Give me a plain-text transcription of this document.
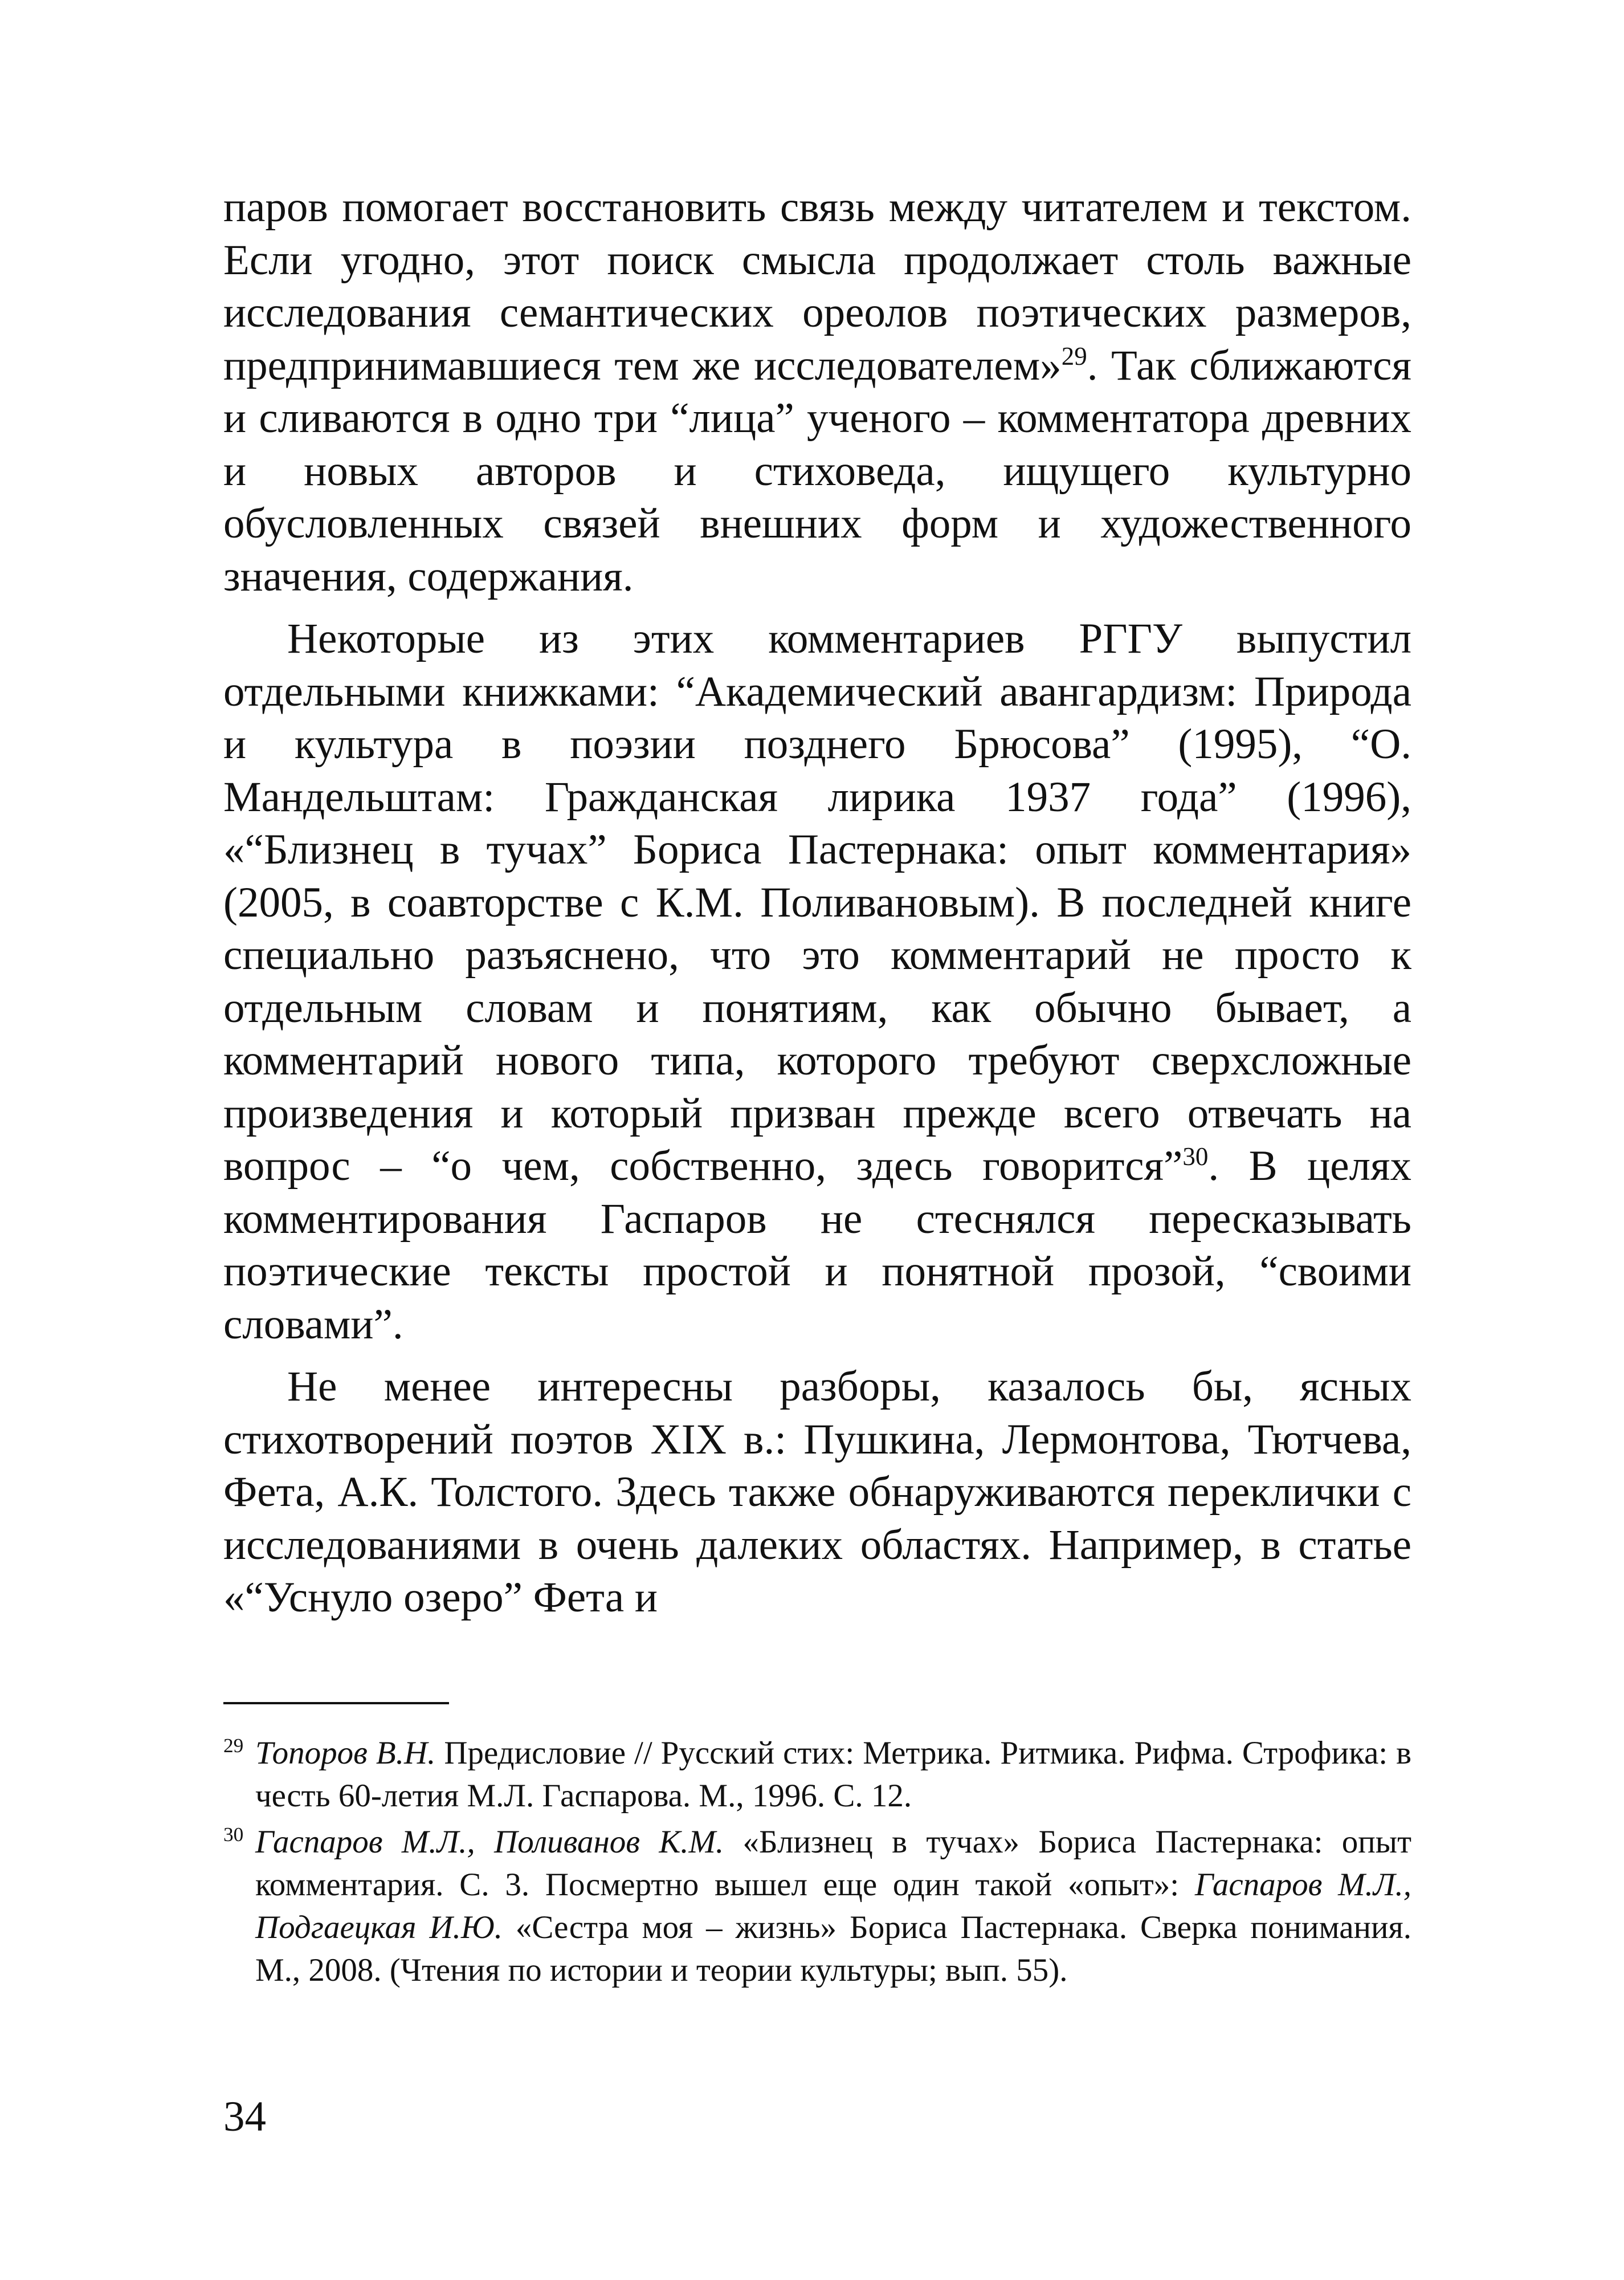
паров помогает восстановить связь между читателем и текстом. Если угодно, этот поиск смысла продолжает столь важные исследования семантических ореолов поэтических размеров, предпринимавшиеся тем же исследователем»$^{29}$. Так сближаются и сливаются в одно три “лица” ученого – комментатора древних и новых авторов и стиховеда, ищущего культурно обусловленных связей внешних форм и художественного значения, содержания.

Некоторые из этих комментариев РГГУ выпустил отдельными книжками: “Академический авангардизм: Природа и культура в поэзии позднего Брюсова” (1995), “О. Мандельштам: Гражданская лирика 1937 года” (1996), «“Близнец в тучах” Бориса Пастернака: опыт комментария» (2005, в соавторстве с К.М. Поливановым). В последней книге специально разъяснено, что это комментарий не просто к отдельным словам и понятиям, как обычно бывает, а комментарий нового типа, которого требуют сверхсложные произведения и который призван прежде всего отвечать на вопрос – “о чем, собственно, здесь говорится”$^{30}$. В целях комментирования Гаспаров не стеснялся пересказывать поэтические тексты простой и понятной прозой, “своими словами”.

Не менее интересны разборы, казалось бы, ясных стихотворений поэтов XIX в.: Пушкина, Лермонтова, Тютчева, Фета, А.К. Толстого. Здесь также обнаруживаются переклички с исследованиями в очень далеких областях. Например, в статье «“Уснуло озеро” Фета и

29 Топоров В.Н. Предисловие // Русский стих: Метрика. Ритмика. Рифма. Строфика: в честь 60-летия М.Л. Гаспарова. М., 1996. С. 12.
30 Гаспаров М.Л., Поливанов К.М. «Близнец в тучах» Бориса Пастернака: опыт комментария. С. 3. Посмертно вышел еще один такой «опыт»: Гаспаров М.Л., Подгаецкая И.Ю. «Сестра моя – жизнь» Бориса Пастернака. Сверка понимания. М., 2008. (Чтения по истории и теории культуры; вып. 55).
34
